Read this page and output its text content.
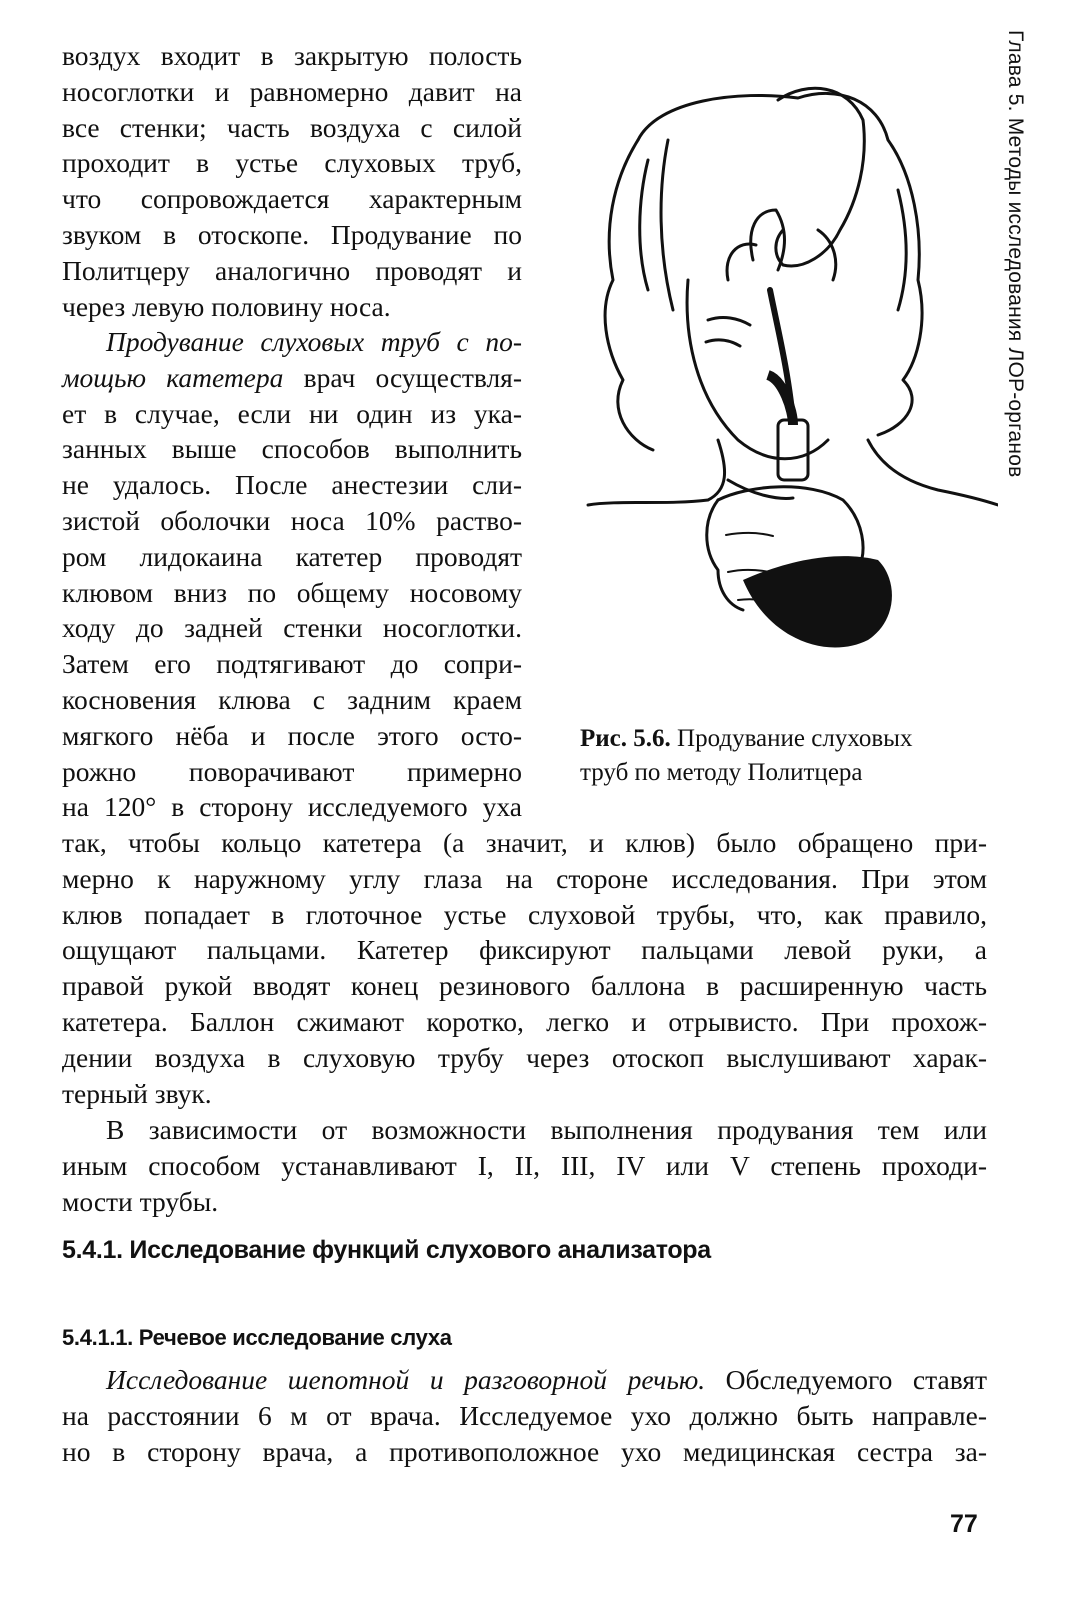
Глава 5. Методы исследования ЛОР-органов
воздух входит в закрытую полость
носоглотки и равномерно давит на
все стенки; часть воздуха с силой
проходит в устье слуховых труб,
что сопровождается характерным
звуком в отоскопе. Продувание по
Политцеру аналогично проводят и
через левую половину носа.
Продувание слуховых труб с по-
мощью катетера врач осуществля-
ет в случае, если ни один из ука-
занных выше способов выполнить
не удалось. После анестезии сли-
зистой оболочки носа 10% раство-
ром лидокаина катетер проводят
клювом вниз по общему носовому
ходу до задней стенки носоглотки.
Затем его подтягивают до сопри-
косновения клюва с задним краем
мягкого нёба и после этого осто-
рожно поворачивают примерно
на 120° в сторону исследуемого уха
так, чтобы кольцо катетера (а значит, и клюв) было обращено при-
мерно к наружному углу глаза на стороне исследования. При этом
клюв попадает в глоточное устье слуховой трубы, что, как правило,
ощущают пальцами. Катетер фиксируют пальцами левой руки, а
правой рукой вводят конец резинового баллона в расширенную часть
катетера. Баллон сжимают коротко, легко и отрывисто. При прохож-
дении воздуха в слуховую трубу через отоскоп выслушивают харак-
терный звук.
В зависимости от возможности выполнения продувания тем или
иным способом устанавливают I, II, III, IV или V степень проходи-
мости трубы.
Рис. 5.6. Продувание слуховых
труб по методу Политцера
5.4.1. Исследование функций слухового анализатора
5.4.1.1. Речевое исследование слуха
Исследование шепотной и разговорной речью. Обследуемого ставят
на расстоянии 6 м от врача. Исследуемое ухо должно быть направле-
но в сторону врача, а противоположное ухо медицинская сестра за-
77
